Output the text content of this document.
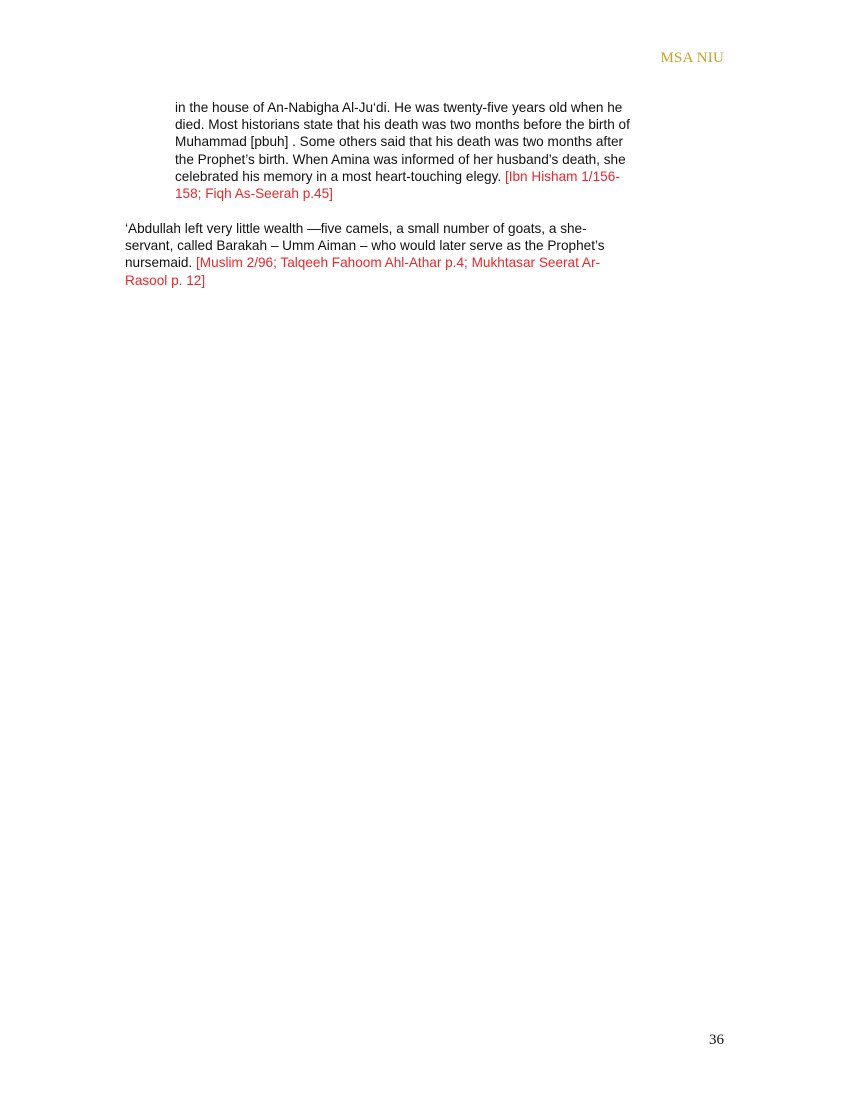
MSA NIU
in the house of An-Nabigha Al-Ju‘di. He was twenty-five years old when he
died. Most historians state that his death was two months before the birth of
Muhammad [pbuh] . Some others said that his death was two months after
the Prophet’s birth. When Amina was informed of her husband’s death, she
celebrated his memory in a most heart-touching elegy. [Ibn Hisham 1/156-
158; Fiqh As-Seerah p.45]
‘Abdullah left very little wealth —five camels, a small number of goats, a she-
servant, called Barakah – Umm Aiman – who would later serve as the Prophet’s
nursemaid. [Muslim 2/96; Talqeeh Fahoom Ahl-Athar p.4; Mukhtasar Seerat Ar-
Rasool p. 12]
36
